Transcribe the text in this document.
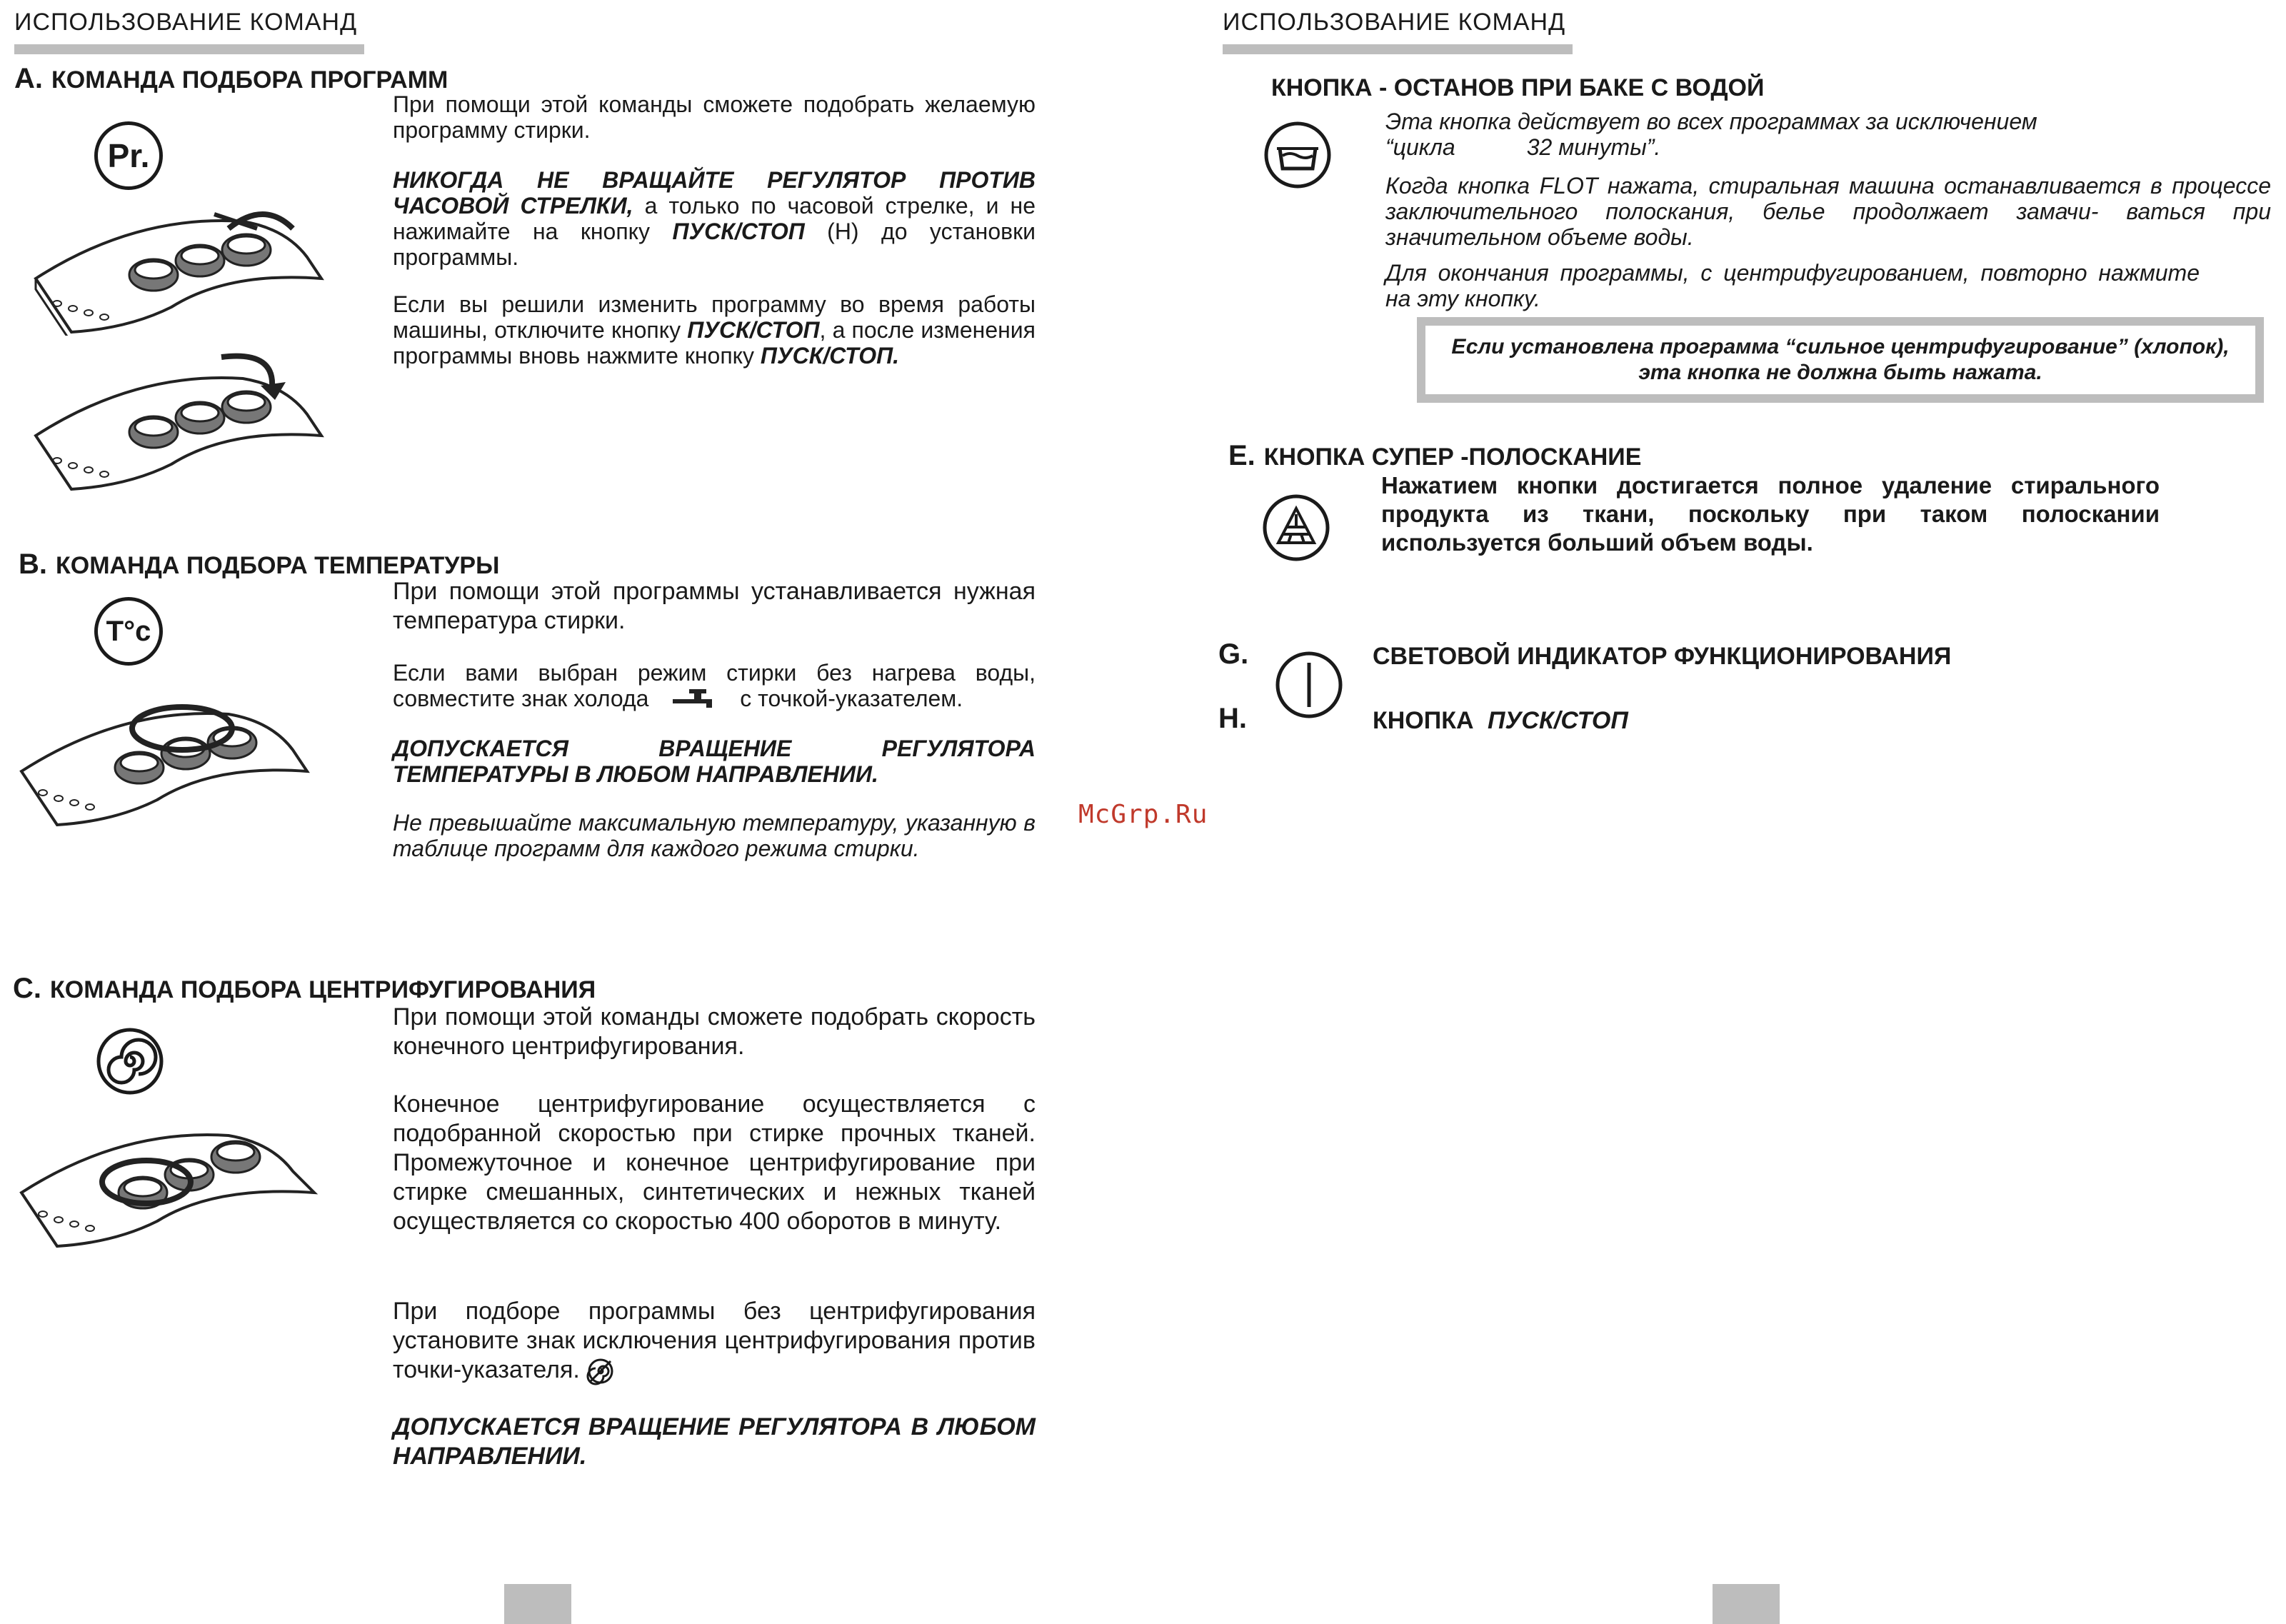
ИСПОЛЬЗОВАНИЕ КОМАНД
A. КОМАНДА ПОДБОРА ПРОГРАММ
Pr.
При помощи этой команды сможете подобрать желаемую программу стирки.
НИКОГДА НЕ ВРАЩАЙТЕ РЕГУЛЯТОР ПРОТИВ ЧАСОВОЙ СТРЕЛКИ, а только по часовой стрелке, и не нажимайте на кнопку ПУСК/СТОП (H) до установки программы.
Если вы решили изменить программу во время работы машины, отключите кнопку ПУСК/СТОП, а после изменения программы вновь нажмите кнопку ПУСК/СТОП.
B. КОМАНДА ПОДБОРА ТЕМПЕРАТУРЫ
T°c
При помощи этой программы устанавливается нужная температура стирки.
Если вами выбран режим стирки без нагрева воды, совместите знак холода	с точкой-указателем.
ДОПУСКАЕТСЯ ВРАЩЕНИЕ РЕГУЛЯТОРА ТЕМПЕРАТУРЫ В ЛЮБОМ НАПРАВЛЕНИИ.
Не превышайте максимальную температуру, указанную в таблице программ для каждого режима стирки.
C. КОМАНДА ПОДБОРА ЦЕНТРИФУГИРОВАНИЯ
При помощи этой команды сможете подобрать скорость конечного центрифугирования.
Конечное центрифугирование осуществляется с подобранной скоростью при стирке прочных тканей. Промежуточное и конечное центрифугирование при стирке смешанных, синтетических и нежных тканей осуществляется со скоростью 400 оборотов в минуту.
При подборе программы без центрифугирования установите знак исключения центрифугирования против точки-указателя.
ДОПУСКАЕТСЯ ВРАЩЕНИЕ РЕГУЛЯТОРА В ЛЮБОМ НАПРАВЛЕНИИ.
McGrp.Ru
ИСПОЛЬЗОВАНИЕ КОМАНД
КНОПКА - ОСТАНОВ ПРИ БАКЕ С ВОДОЙ
Эта кнопка действует во всех программах за исключением
“цикла	32 минуты”.
Когда кнопка FLOT нажата, стиральная машина останавливается в процессе заключительного полоскания, белье продолжает замачи- ваться при значительном объеме воды.
Для окончания программы, с центрифугированием, повторно нажмите на эту кнопку.
Если установлена программа “сильное центрифугирование” (хлопок), эта кнопка не должна быть нажата.
E. КНОПКА СУПЕР -ПОЛОСКАНИЕ
Нажатием кнопки достигается полное удаление стирального продукта из ткани, поскольку при таком полоскании используется больший объем воды.
G.
H.
СВЕТОВОЙ ИНДИКАТОР ФУНКЦИОНИРОВАНИЯ
КНОПКА ПУСК/СТОП
